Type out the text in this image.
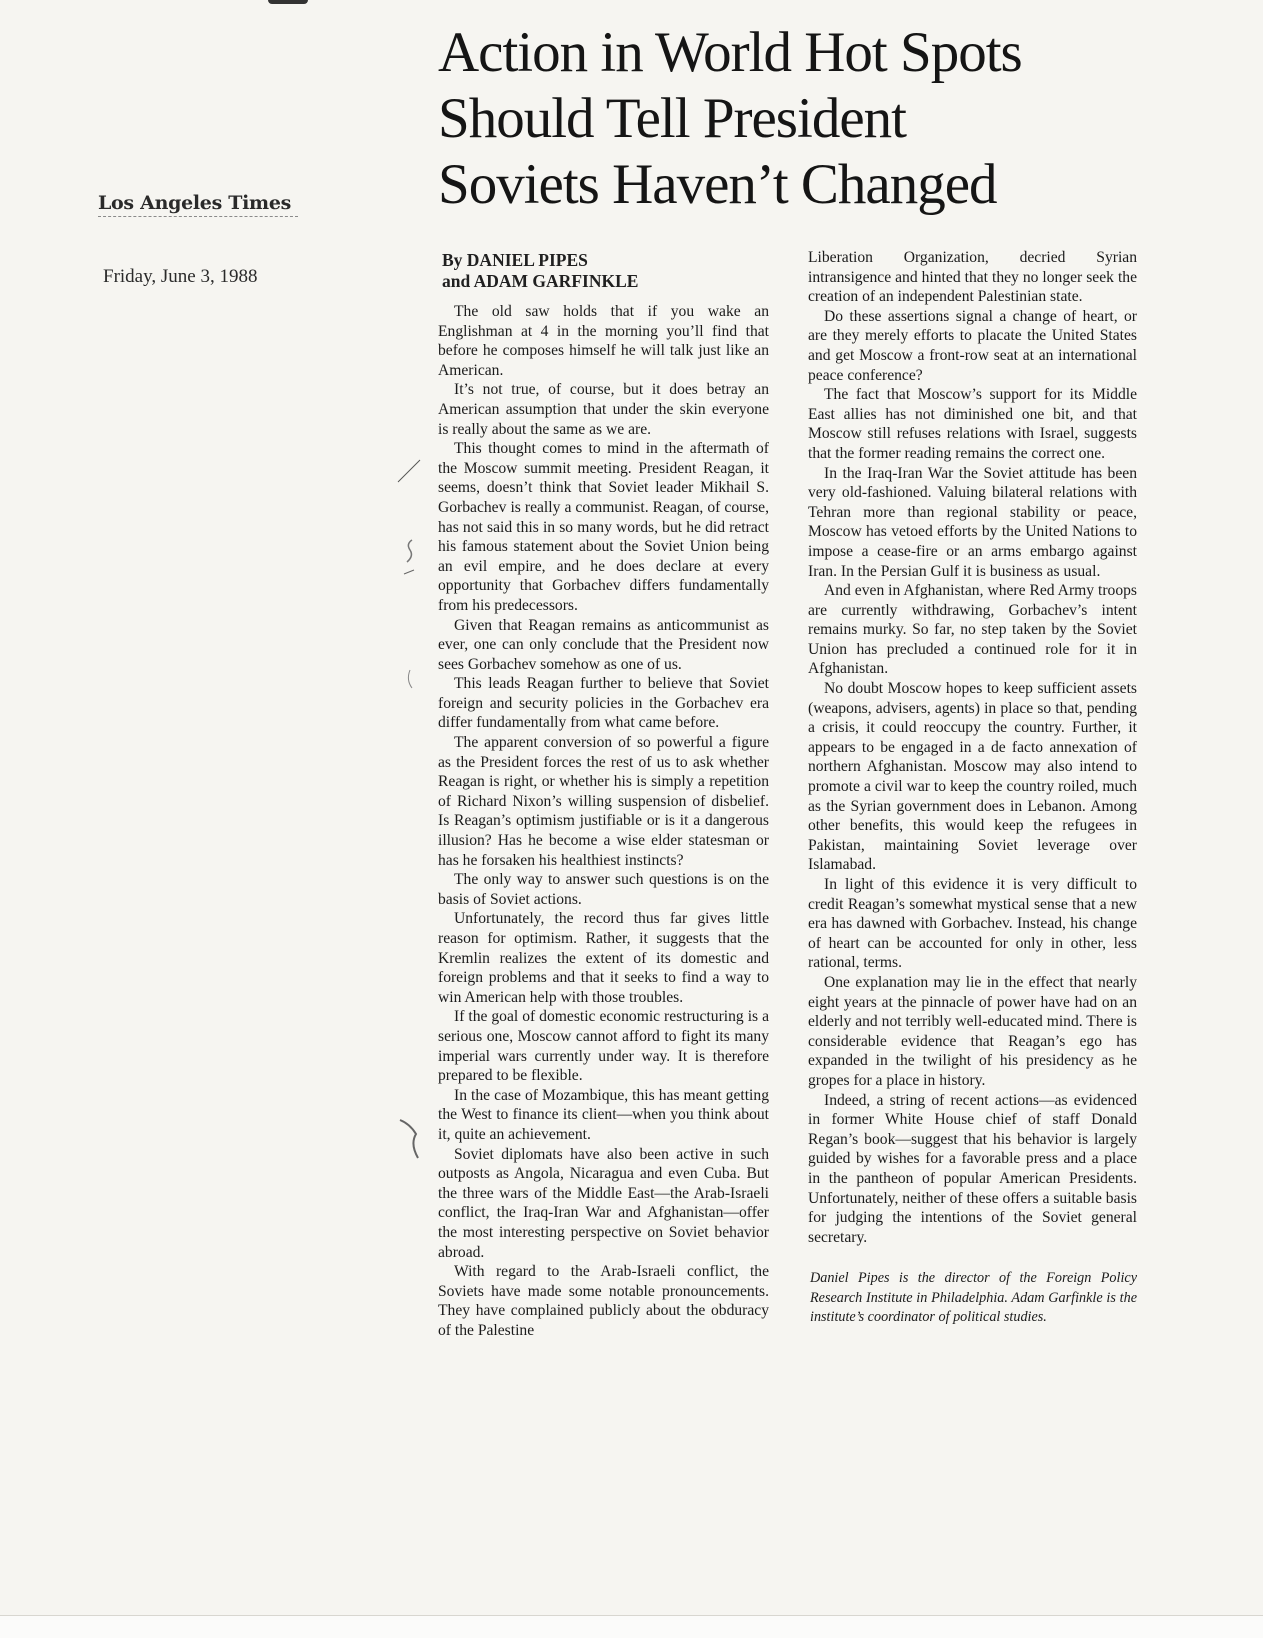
Los Angeles Times
Friday, June 3, 1988
Action in World Hot Spots
Should Tell President
Soviets Haven’t Changed
By DANIEL PIPES
and ADAM GARFINKLE

The old saw holds that if you wake an Englishman at 4 in the morning you’ll find that before he composes himself he will talk just like an American.

It’s not true, of course, but it does betray an American assumption that under the skin everyone is really about the same as we are.

This thought comes to mind in the aftermath of the Moscow summit meeting. President Reagan, it seems, doesn’t think that Soviet leader Mikhail S. Gorbachev is really a communist. Reagan, of course, has not said this in so many words, but he did retract his famous statement about the Soviet Union being an evil empire, and he does declare at every opportunity that Gorbachev differs fundamentally from his predecessors.

Given that Reagan remains as anticommunist as ever, one can only conclude that the President now sees Gorbachev somehow as one of us.

This leads Reagan further to believe that Soviet foreign and security policies in the Gorbachev era differ fundamentally from what came before.

The apparent conversion of so powerful a figure as the President forces the rest of us to ask whether Reagan is right, or whether his is simply a repetition of Richard Nixon’s willing suspension of disbelief. Is Reagan’s optimism justifiable or is it a dangerous illusion? Has he become a wise elder statesman or has he forsaken his healthiest instincts?

The only way to answer such questions is on the basis of Soviet actions.

Unfortunately, the record thus far gives little reason for optimism. Rather, it suggests that the Kremlin realizes the extent of its domestic and foreign problems and that it seeks to find a way to win American help with those troubles.

If the goal of domestic economic restructuring is a serious one, Moscow cannot afford to fight its many imperial wars currently under way. It is therefore prepared to be flexible.

In the case of Mozambique, this has meant getting the West to finance its client—when you think about it, quite an achievement.

Soviet diplomats have also been active in such outposts as Angola, Nicaragua and even Cuba. But the three wars of the Middle East—the Arab-Israeli conflict, the Iraq-Iran War and Afghanistan—offer the most interesting perspective on Soviet behavior abroad.

With regard to the Arab-Israeli conflict, the Soviets have made some notable pronouncements. They have complained publicly about the obduracy of the Palestine

Liberation Organization, decried Syrian intransigence and hinted that they no longer seek the creation of an independent Palestinian state.

Do these assertions signal a change of heart, or are they merely efforts to placate the United States and get Moscow a front-row seat at an international peace conference?

The fact that Moscow’s support for its Middle East allies has not diminished one bit, and that Moscow still refuses relations with Israel, suggests that the former reading remains the correct one.

In the Iraq-Iran War the Soviet attitude has been very old-fashioned. Valuing bilateral relations with Tehran more than regional stability or peace, Moscow has vetoed efforts by the United Nations to impose a cease-fire or an arms embargo against Iran. In the Persian Gulf it is business as usual.

And even in Afghanistan, where Red Army troops are currently withdrawing, Gorbachev’s intent remains murky. So far, no step taken by the Soviet Union has precluded a continued role for it in Afghanistan.

No doubt Moscow hopes to keep sufficient assets (weapons, advisers, agents) in place so that, pending a crisis, it could reoccupy the country. Further, it appears to be engaged in a de facto annexation of northern Afghanistan. Moscow may also intend to promote a civil war to keep the country roiled, much as the Syrian government does in Lebanon. Among other benefits, this would keep the refugees in Pakistan, maintaining Soviet leverage over Islamabad.

In light of this evidence it is very difficult to credit Reagan’s somewhat mystical sense that a new era has dawned with Gorbachev. Instead, his change of heart can be accounted for only in other, less rational, terms.

One explanation may lie in the effect that nearly eight years at the pinnacle of power have had on an elderly and not terribly well-educated mind. There is considerable evidence that Reagan’s ego has expanded in the twilight of his presidency as he gropes for a place in history.

Indeed, a string of recent actions—as evidenced in former White House chief of staff Donald Regan’s book—suggest that his behavior is largely guided by wishes for a favorable press and a place in the pantheon of popular American Presidents. Unfortunately, neither of these offers a suitable basis for judging the intentions of the Soviet general secretary.

Daniel Pipes is the director of the Foreign Policy Research Institute in Philadelphia. Adam Garfinkle is the institute’s coordinator of political studies.
